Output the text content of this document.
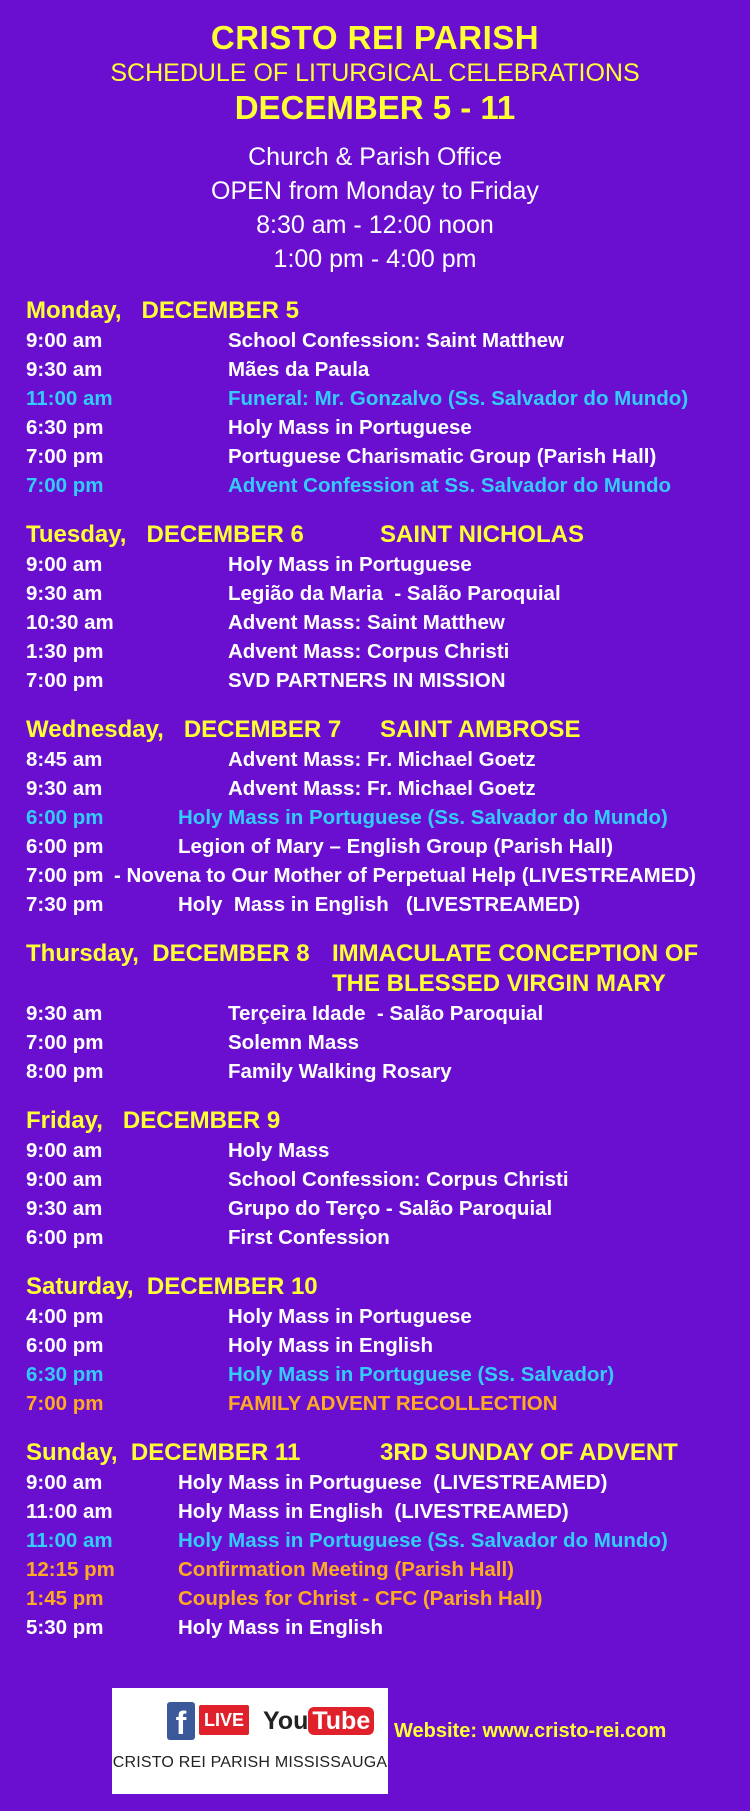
CRISTO REI PARISH
SCHEDULE OF LITURGICAL CELEBRATIONS
DECEMBER 5 - 11
Church & Parish Office
OPEN from Monday to Friday
8:30 am - 12:00 noon
1:00 pm - 4:00 pm
Monday,   DECEMBER 5
9:00 am	School Confession: Saint Matthew
9:30 am	Mães da Paula
11:00 am	Funeral: Mr. Gonzalvo (Ss. Salvador do Mundo)
6:30 pm	Holy Mass in Portuguese
7:00 pm	Portuguese Charismatic Group (Parish Hall)
7:00 pm	Advent Confession at Ss. Salvador do Mundo
Tuesday,   DECEMBER 6	SAINT NICHOLAS
9:00 am	Holy Mass in Portuguese
9:30 am	Legião da Maria  - Salão Paroquial
10:30 am	Advent Mass: Saint Matthew
1:30 pm	Advent Mass: Corpus Christi
7:00 pm	SVD PARTNERS IN MISSION
Wednesday,   DECEMBER 7 SAINT AMBROSE
8:45 am	Advent Mass: Fr. Michael Goetz
9:30 am	Advent Mass: Fr. Michael Goetz
6:00 pm	Holy Mass in Portuguese (Ss. Salvador do Mundo)
6:00 pm	Legion of Mary – English Group (Parish Hall)
7:00 pm - Novena to Our Mother of Perpetual Help (LIVESTREAMED)
7:30 pm	Holy  Mass in English   (LIVESTREAMED)
Thursday,  DECEMBER 8 IMMACULATE CONCEPTION OF THE BLESSED VIRGIN MARY
9:30 am	Terçeira Idade  - Salão Paroquial
7:00 pm	Solemn Mass
8:00 pm	Family Walking Rosary
Friday,   DECEMBER 9
9:00 am	Holy Mass
9:00 am	School Confession: Corpus Christi
9:30 am	Grupo do Terço - Salão Paroquial
6:00 pm	First Confession
Saturday,  DECEMBER 10
4:00 pm	Holy Mass in Portuguese
6:00 pm	Holy Mass in English
6:30 pm	Holy Mass in Portuguese (Ss. Salvador)
7:00 pm	FAMILY ADVENT RECOLLECTION
Sunday,  DECEMBER 11	3RD SUNDAY OF ADVENT
9:00 am	Holy Mass in Portuguese  (LIVESTREAMED)
11:00 am	Holy Mass in English  (LIVESTREAMED)
11:00 am	Holy Mass in Portuguese (Ss. Salvador do Mundo)
12:15 pm	Confirmation Meeting (Parish Hall)
1:45 pm	Couples for Christ - CFC (Parish Hall)
5:30 pm	Holy Mass in English
f LIVE You Tube
CRISTO REI PARISH MISSISSAUGA
Website: www.cristo-rei.com
